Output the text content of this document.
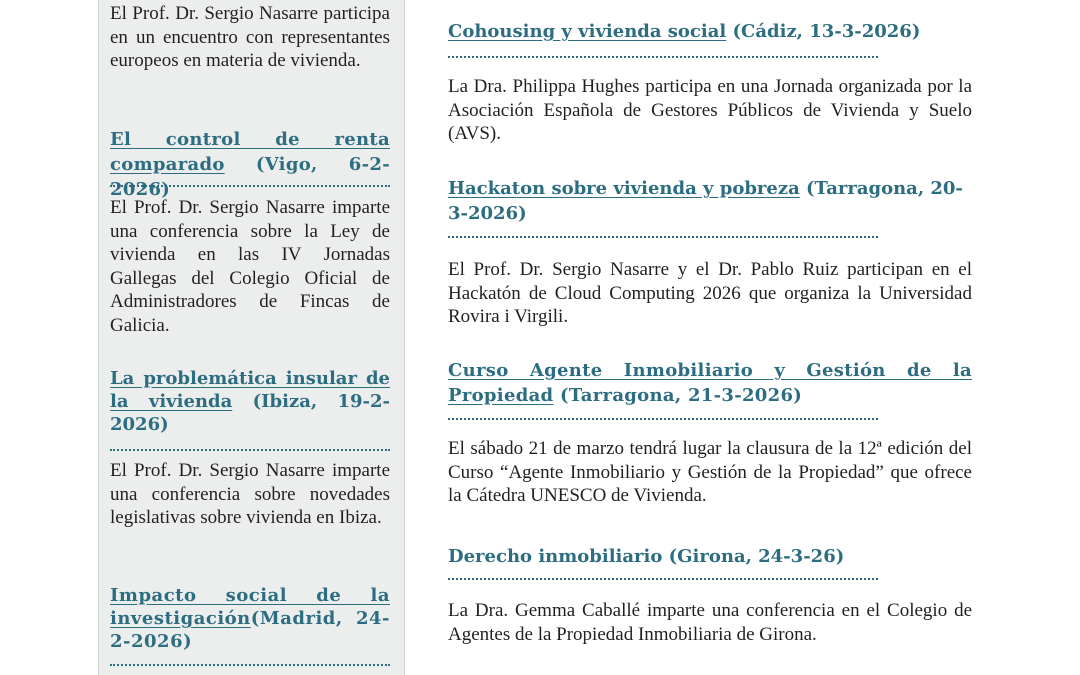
El Prof. Dr. Sergio Nasarre participa en un encuentro con representantes europeos en materia de vivienda.

El control de renta comparado (Vigo, 6-2-2026)

El Prof. Dr. Sergio Nasarre imparte una conferencia sobre la Ley de vivienda en las IV Jornadas Gallegas del Colegio Oficial de Administradores de Fincas de Galicia.

La problemática insular de la vivienda (Ibiza, 19-2-2026)

El Prof. Dr. Sergio Nasarre imparte una conferencia sobre novedades legislativas sobre vivienda en Ibiza.

Impacto social de la investigación(Madrid, 24-2-2026)
Cohousing y vivienda social (Cádiz, 13-3-2026)

La Dra. Philippa Hughes participa en una Jornada organizada por la Asociación Española de Gestores Públicos de Vivienda y Suelo (AVS).

Hackaton sobre vivienda y pobreza (Tarragona, 20-3-2026)

El Prof. Dr. Sergio Nasarre y el Dr. Pablo Ruiz participan en el Hackatón de Cloud Computing 2026 que organiza la Universidad Rovira i Virgili.

Curso Agente Inmobiliario y Gestión de la Propiedad (Tarragona, 21-3-2026)

El sábado 21 de marzo tendrá lugar la clausura de la 12ª edición del Curso “Agente Inmobiliario y Gestión de la Propiedad” que ofrece la Cátedra UNESCO de Vivienda.

Derecho inmobiliario (Girona, 24-3-26)

La Dra. Gemma Caballé imparte una conferencia en el Colegio de Agentes de la Propiedad Inmobiliaria de Girona.
